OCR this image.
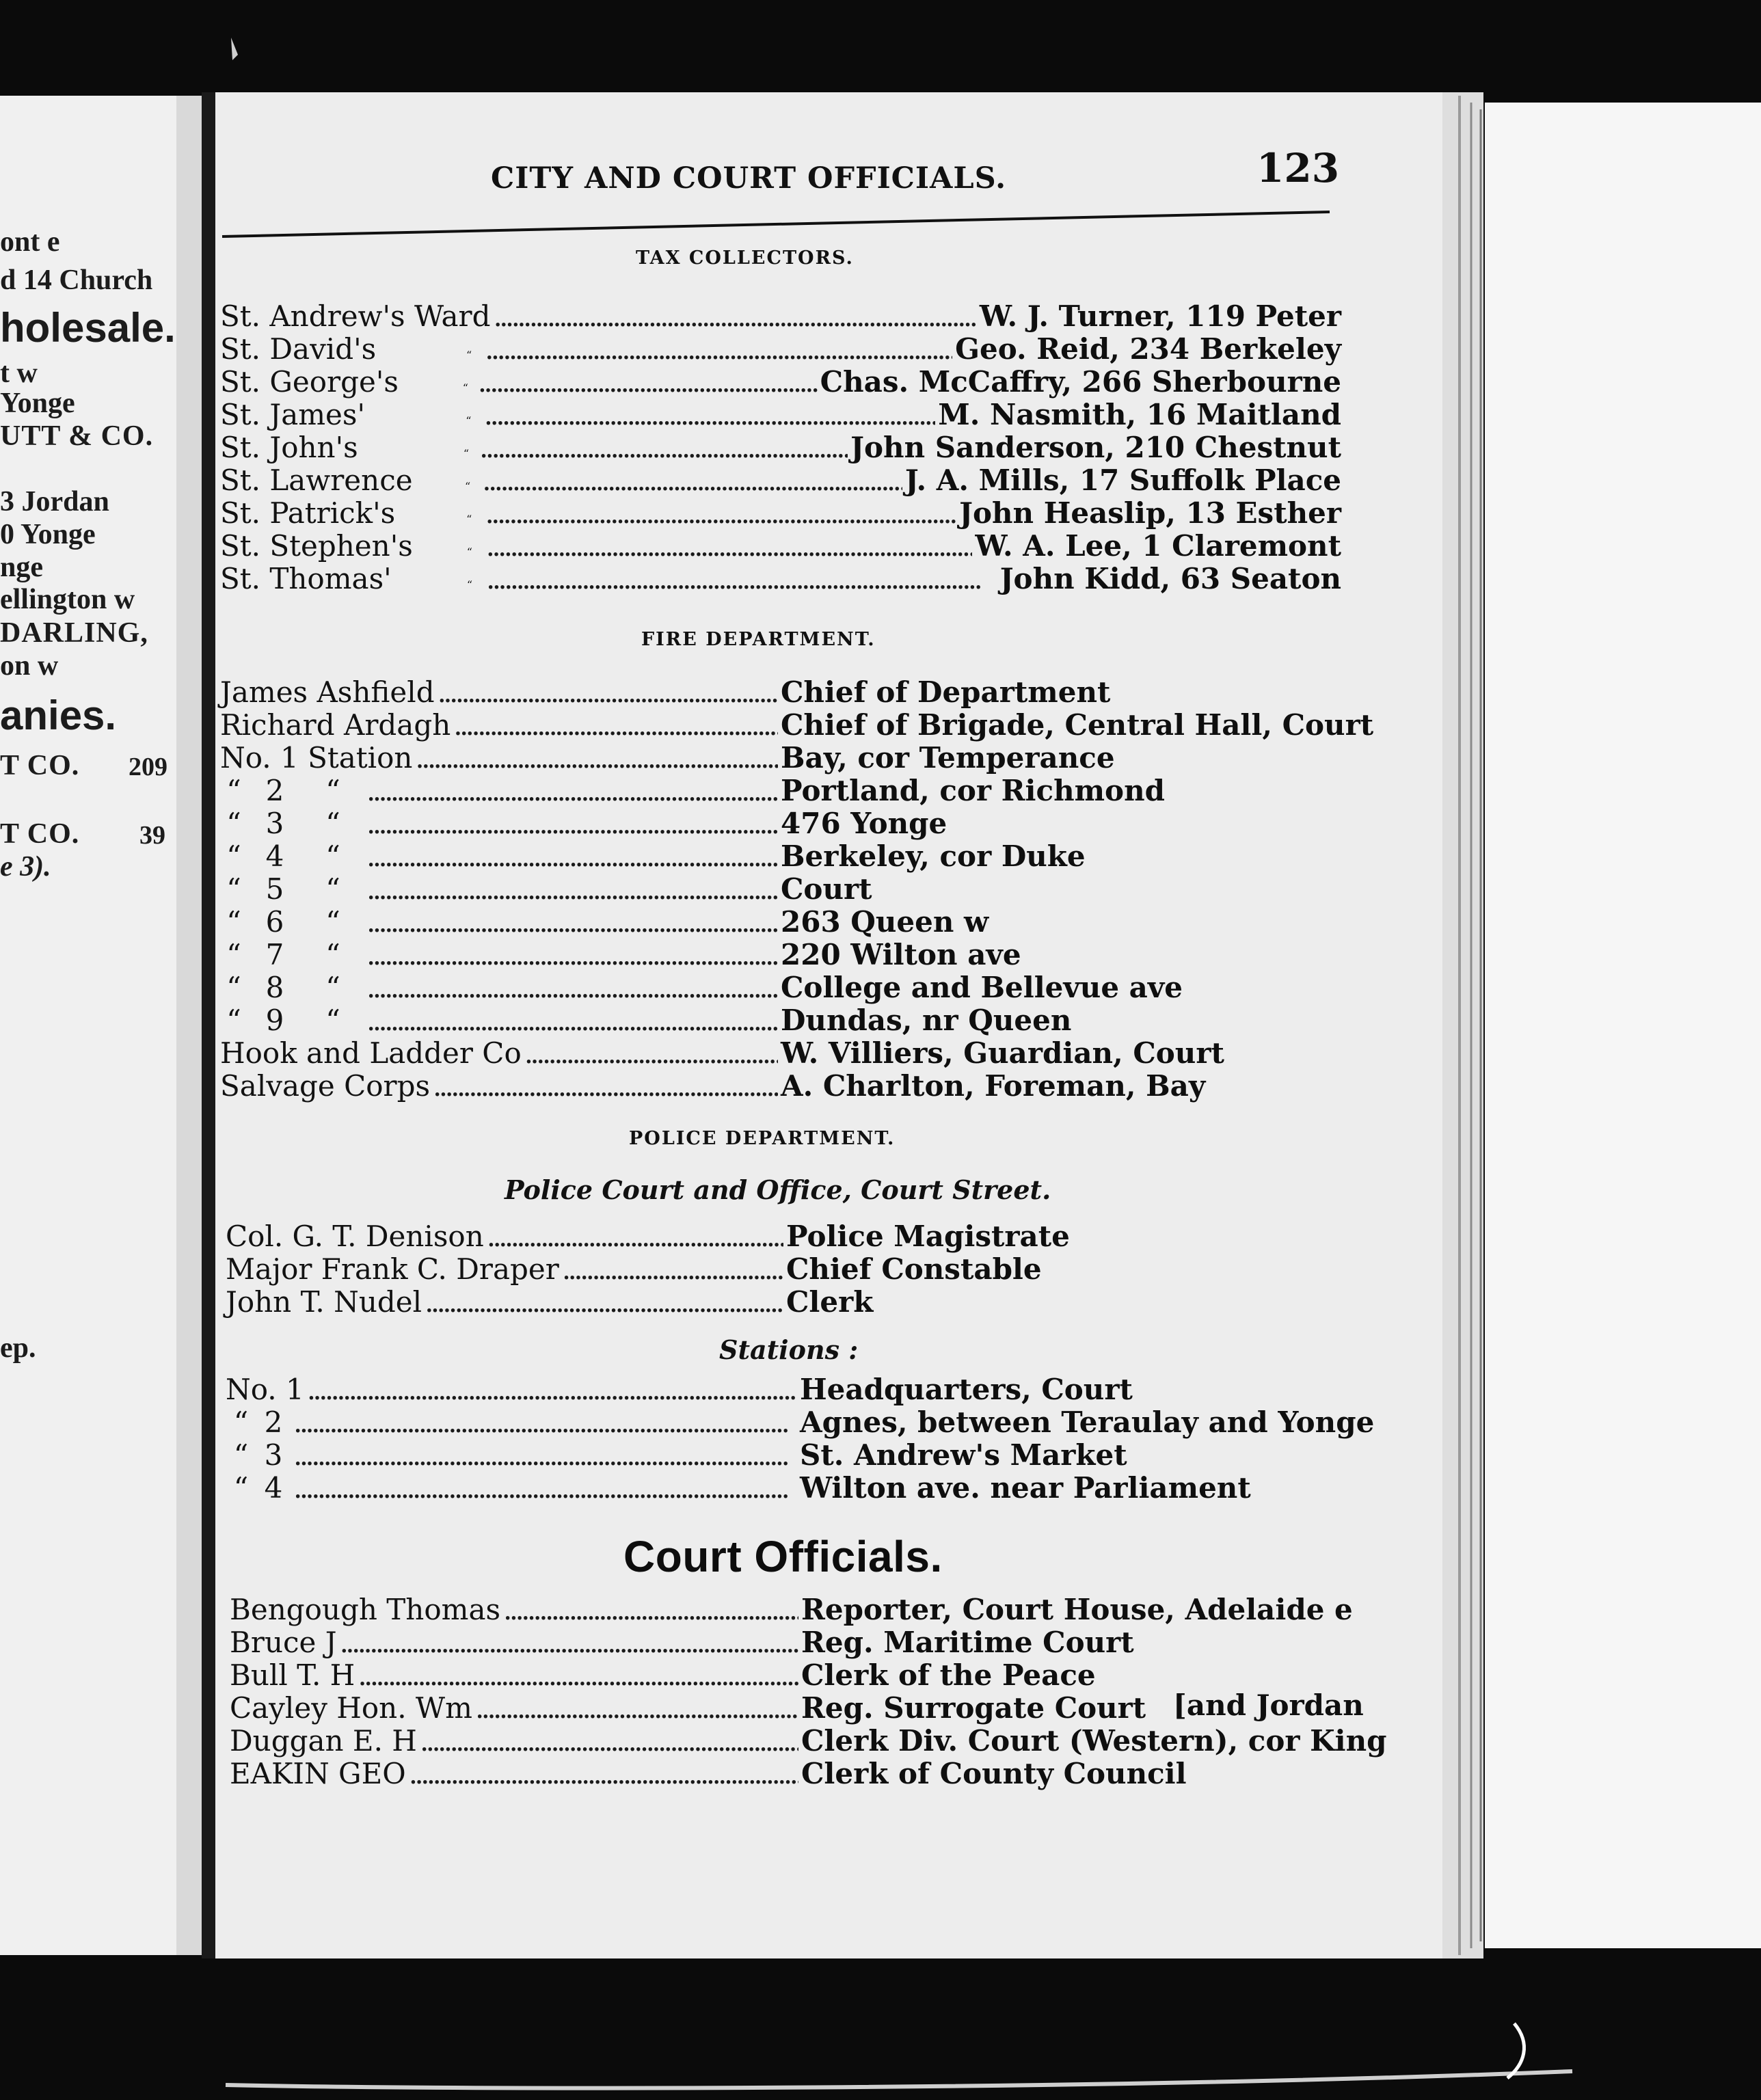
ont e
d 14 Church
holesale.
t w
Yonge
UTT & CO.
3 Jordan
0 Yonge
nge
ellington w
DARLING,
on w
anies.
T CO. 209
T CO. 39
e 3).
ep.
CITY AND COURT OFFICIALS.	123
TAX COLLECTORS.
St. Andrew's Ward . . .	W. J. Turner, 119 Peter
St. David's	“ . . .	Geo. Reid, 234 Berkeley
St. George's	“ . . .	Chas. McCaffry, 266 Sherbourne
St. James'	“ . . .	M. Nasmith, 16 Maitland
St. John's	“ . . .	John Sanderson, 210 Chestnut
St. Lawrence	“ . . .	J. A. Mills, 17 Suffolk Place
St. Patrick's	“ . . .	John Heaslip, 13 Esther
St. Stephen's	“ . . .	W. A. Lee, 1 Claremont
St. Thomas'	“ . . .	John Kidd, 63 Seaton
FIRE DEPARTMENT.
James Ashfield . . .	Chief of Department
Richard Ardagh . . .	Chief of Brigade, Central Hall, Court
No. 1 Station . . .	Bay, cor Temperance
“ 2	“ . . .	Portland, cor Richmond
“ 3	“ . . .	476 Yonge
“ 4	“ . . .	Berkeley, cor Duke
“ 5	“ . . .	Court
“ 6	“ . . .	263 Queen w
“ 7	“ . . .	220 Wilton ave
“ 8	“ . . .	College and Bellevue ave
“ 9	“ . . .	Dundas, nr Queen
Hook and Ladder Co . . .	W. Villiers, Guardian, Court
Salvage Corps . . .	A. Charlton, Foreman, Bay
POLICE DEPARTMENT.
Police Court and Office, Court Street.
Col. G. T. Denison . . .	Police Magistrate
Major Frank C. Draper . . .	Chief Constable
John T. Nudel . . .	Clerk
Stations :
No. 1 . . .	Headquarters, Court
“ 2 . . .	Agnes, between Teraulay and Yonge
“ 3 . . .	St. Andrew's Market
“ 4 . . .	Wilton ave. near Parliament
Court Officials.
Bengough Thomas . . .	Reporter, Court House, Adelaide e
Bruce J . . .	Reg. Maritime Court
Bull T. H . . .	Clerk of the Peace
Cayley Hon. Wm . . .	Reg. Surrogate Court
Duggan E. H . . .	Clerk Div. Court (Western), cor King
EAKIN GEO . . .	Clerk of County Council
[and Jordan
